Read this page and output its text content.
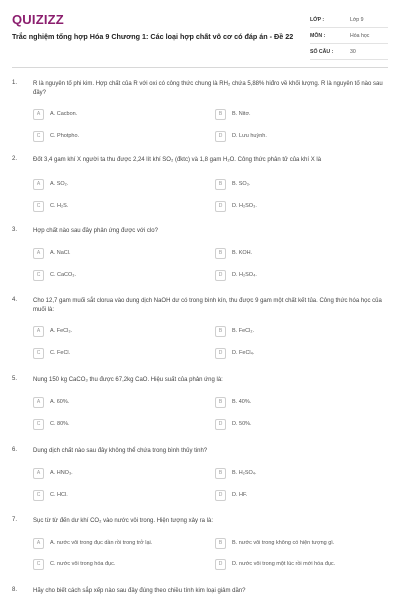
QUIZIZZ
Trắc nghiệm tổng hợp Hóa 9 Chương 1: Các loại hợp chất vô cơ có đáp án - Đề 22
LỚP :	Lớp 9
MÔN :	Hóa học
SỐ CÂU :	30
1.	R là nguyên tố phi kim. Hợp chất của R với oxi có công thức chung là RH₂ chứa 5,88% hiđro về khối lượng. R là nguyên tố nào sau đây?
A	A. Cacbon.	B	B. Nitơ.
C	C. Photpho.	D	D. Lưu huỳnh.
2.	Đốt 3,4 gam khí X người ta thu được 2,24 lít khí SO₂ (đktc) và 1,8 gam H₂O. Công thức phân tử của khí X là
A	A. SO₂.	B	B. SO₃.
C	C. H₂S.	D	D. H₂SO₃.
3.	Hợp chất nào sau đây phản ứng được với clo?
A	A. NaCl.	B	B. KOH.
C	C. CaCO₃.	D	D. H₂SO₄.
4.	Cho 12,7 gam muối sắt clorua vào dung dịch NaOH dư có trong bình kín, thu được 9 gam một chất kết tủa. Công thức hóa học của muối là:
A	A. FeCl₃.	B	B. FeCl₂.
C	C. FeCl.	D	D. FeCl₄.
5.	Nung 150 kg CaCO₃ thu được 67,2kg CaO. Hiệu suất của phản ứng là:
A	A. 60%.	B	B. 40%.
C	C. 80%.	D	D. 50%.
6.	Dung dịch chất nào sau đây không thể chứa trong bình thủy tinh?
A	A. HNO₃.	B	B. H₂SO₄.
C	C. HCl.	D	D. HF.
7.	Sục từ từ đến dư khí CO₂ vào nước vôi trong. Hiện tượng xảy ra là:
A	A. nước vôi trong đục dần rồi trong trở lại.	B	B. nước vôi trong không có hiện tượng gì.
C	C. nước vôi trong hóa đục.	D	D. nước vôi trong một lúc rồi mới hóa đục.
8.	Hãy cho biết cách sắp xếp nào sau đây đúng theo chiều tính kim loại giảm dần?
